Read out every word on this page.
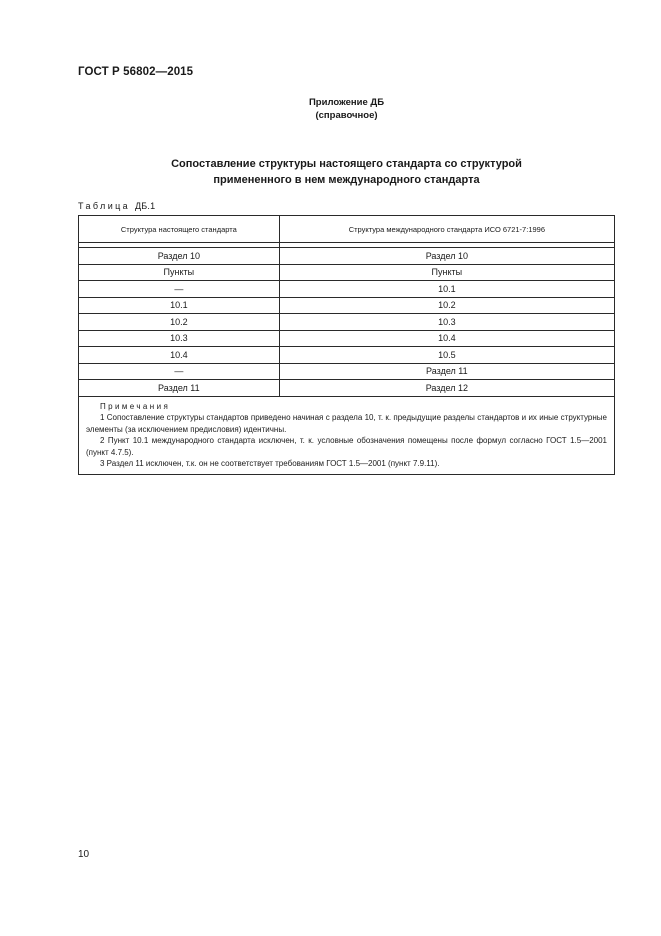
ГОСТ Р 56802—2015
Приложение ДБ
(справочное)
Сопоставление структуры настоящего стандарта со структурой
примененного в нем международного стандарта
Таблица ДБ.1
Структура настоящего стандарта	Структура международного стандарта ИСО 6721-7:1996

Раздел 10	Раздел 10
Пункты	Пункты
—	10.1
10.1	10.2
10.2	10.3
10.3	10.4
10.4	10.5
—	Раздел 11
Раздел 11	Раздел 12

Примечания
1 Сопоставление структуры стандартов приведено начиная с раздела 10, т. к. предыдущие разделы стандартов и их иные структурные элементы (за исключением предисловия) идентичны.
2 Пункт 10.1 международного стандарта исключен, т. к. условные обозначения помещены после формул согласно ГОСТ 1.5—2001 (пункт 4.7.5).
3 Раздел 11 исключен, т.к. он не соответствует требованиям ГОСТ 1.5—2001 (пункт 7.9.11).	
10
